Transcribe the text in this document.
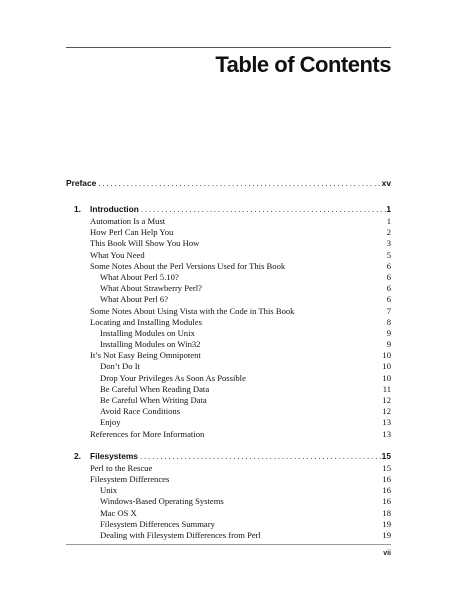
Table of Contents
Preface . . .	xv
1. Introduction . . .	1
Automation Is a Must	1
How Perl Can Help You	2
This Book Will Show You How	3
What You Need	5
Some Notes About the Perl Versions Used for This Book	6
What About Perl 5.10?	6
What About Strawberry Perl?	6
What About Perl 6?	6
Some Notes About Using Vista with the Code in This Book	7
Locating and Installing Modules	8
Installing Modules on Unix	9
Installing Modules on Win32	9
It’s Not Easy Being Omnipotent	10
Don’t Do It	10
Drop Your Privileges As Soon As Possible	10
Be Careful When Reading Data	11
Be Careful When Writing Data	12
Avoid Race Conditions	12
Enjoy	13
References for More Information	13
2. Filesystems . . .	15
Perl to the Rescue	15
Filesystem Differences	16
Unix	16
Windows-Based Operating Systems	16
Mac OS X	18
Filesystem Differences Summary	19
Dealing with Filesystem Differences from Perl	19
vii
